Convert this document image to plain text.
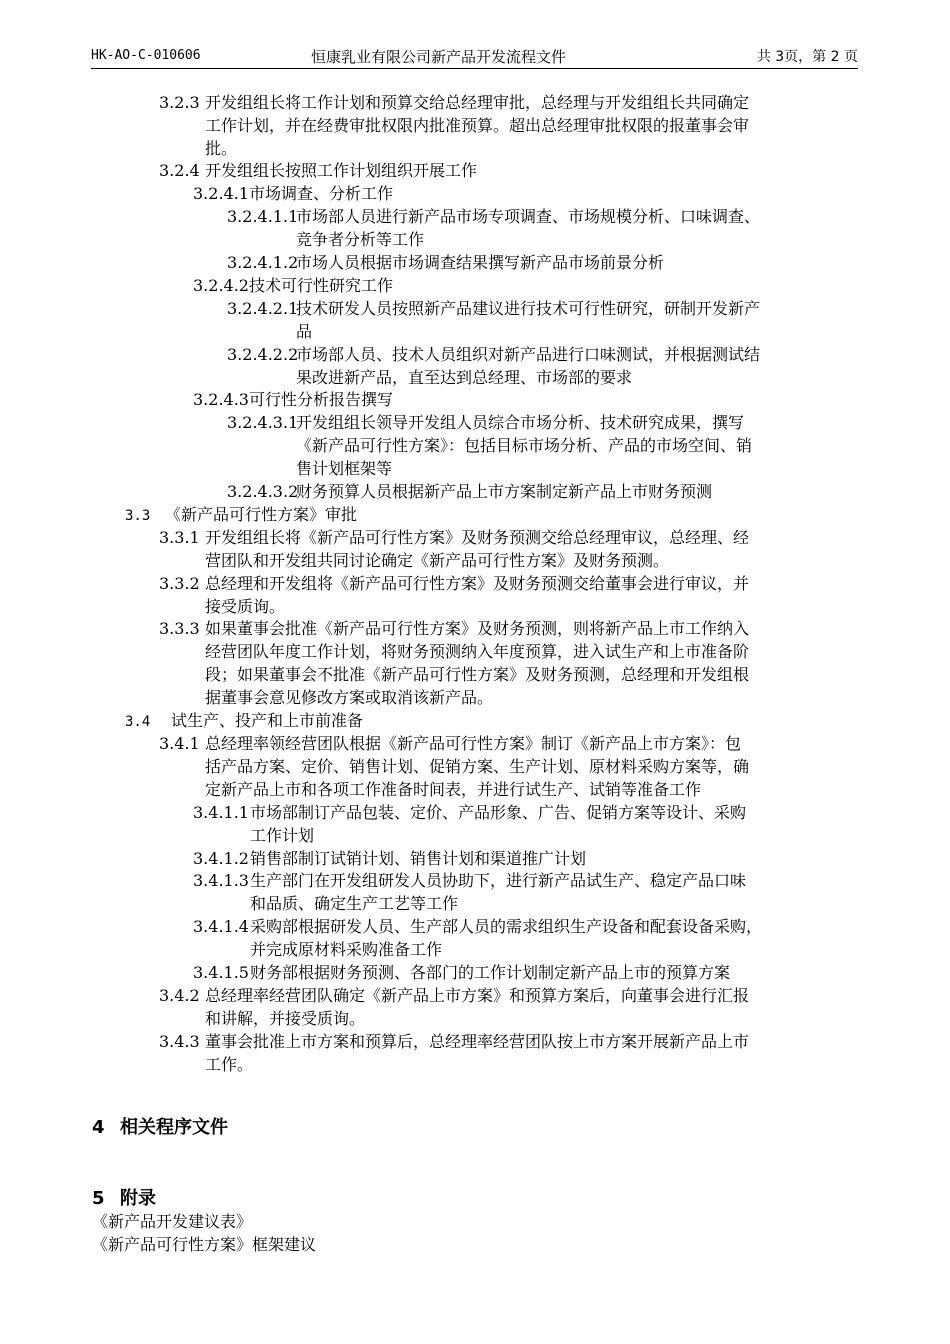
HK-AO-C-010606	恒康乳业有限公司新产品开发流程文件	共 3页，第 2 页
3.2.3 开发组组长将工作计划和预算交给总经理审批，总经理与开发组组长共同确定
工作计划，并在经费审批权限内批准预算。超出总经理审批权限的报董事会审
批。
3.2.4 开发组组长按照工作计划组织开展工作
3.2.4.1市场调查、分析工作
3.2.4.1.1市场部人员进行新产品市场专项调查、市场规模分析、口味调查、
竞争者分析等工作
3.2.4.1.2市场人员根据市场调查结果撰写新产品市场前景分析
3.2.4.2技术可行性研究工作
3.2.4.2.1技术研发人员按照新产品建议进行技术可行性研究，研制开发新产
品
3.2.4.2.2市场部人员、技术人员组织对新产品进行口味测试，并根据测试结
果改进新产品，直至达到总经理、市场部的要求
3.2.4.3可行性分析报告撰写
3.2.4.3.1开发组组长领导开发组人员综合市场分析、技术研究成果，撰写
《新产品可行性方案》：包括目标市场分析、产品的市场空间、销
售计划框架等
3.2.4.3.2财务预算人员根据新产品上市方案制定新产品上市财务预测
3.3 《新产品可行性方案》审批
3.3.1 开发组组长将《新产品可行性方案》及财务预测交给总经理审议，总经理、经
营团队和开发组共同讨论确定《新产品可行性方案》及财务预测。
3.3.2 总经理和开发组将《新产品可行性方案》及财务预测交给董事会进行审议，并
接受质询。
3.3.3 如果董事会批准《新产品可行性方案》及财务预测，则将新产品上市工作纳入
经营团队年度工作计划，将财务预测纳入年度预算，进入试生产和上市准备阶
段；如果董事会不批准《新产品可行性方案》及财务预测，总经理和开发组根
据董事会意见修改方案或取消该新产品。
3.4 试生产、投产和上市前准备
3.4.1 总经理率领经营团队根据《新产品可行性方案》制订《新产品上市方案》：包
括产品方案、定价、销售计划、促销方案、生产计划、原材料采购方案等，确
定新产品上市和各项工作准备时间表，并进行试生产、试销等准备工作
3.4.1.1市场部制订产品包装、定价、产品形象、广告、促销方案等设计、采购
工作计划
3.4.1.2销售部制订试销计划、销售计划和渠道推广计划
3.4.1.3生产部门在开发组研发人员协助下，进行新产品试生产、稳定产品口味
和品质、确定生产工艺等工作
3.4.1.4采购部根据研发人员、生产部人员的需求组织生产设备和配套设备采购，
并完成原材料采购准备工作
3.4.1.5财务部根据财务预测、各部门的工作计划制定新产品上市的预算方案
3.4.2 总经理率经营团队确定《新产品上市方案》和预算方案后，向董事会进行汇报
和讲解，并接受质询。
3.4.3 董事会批准上市方案和预算后，总经理率经营团队按上市方案开展新产品上市
工作。
4 相关程序文件
5 附录
《新产品开发建议表》
《新产品可行性方案》框架建议
